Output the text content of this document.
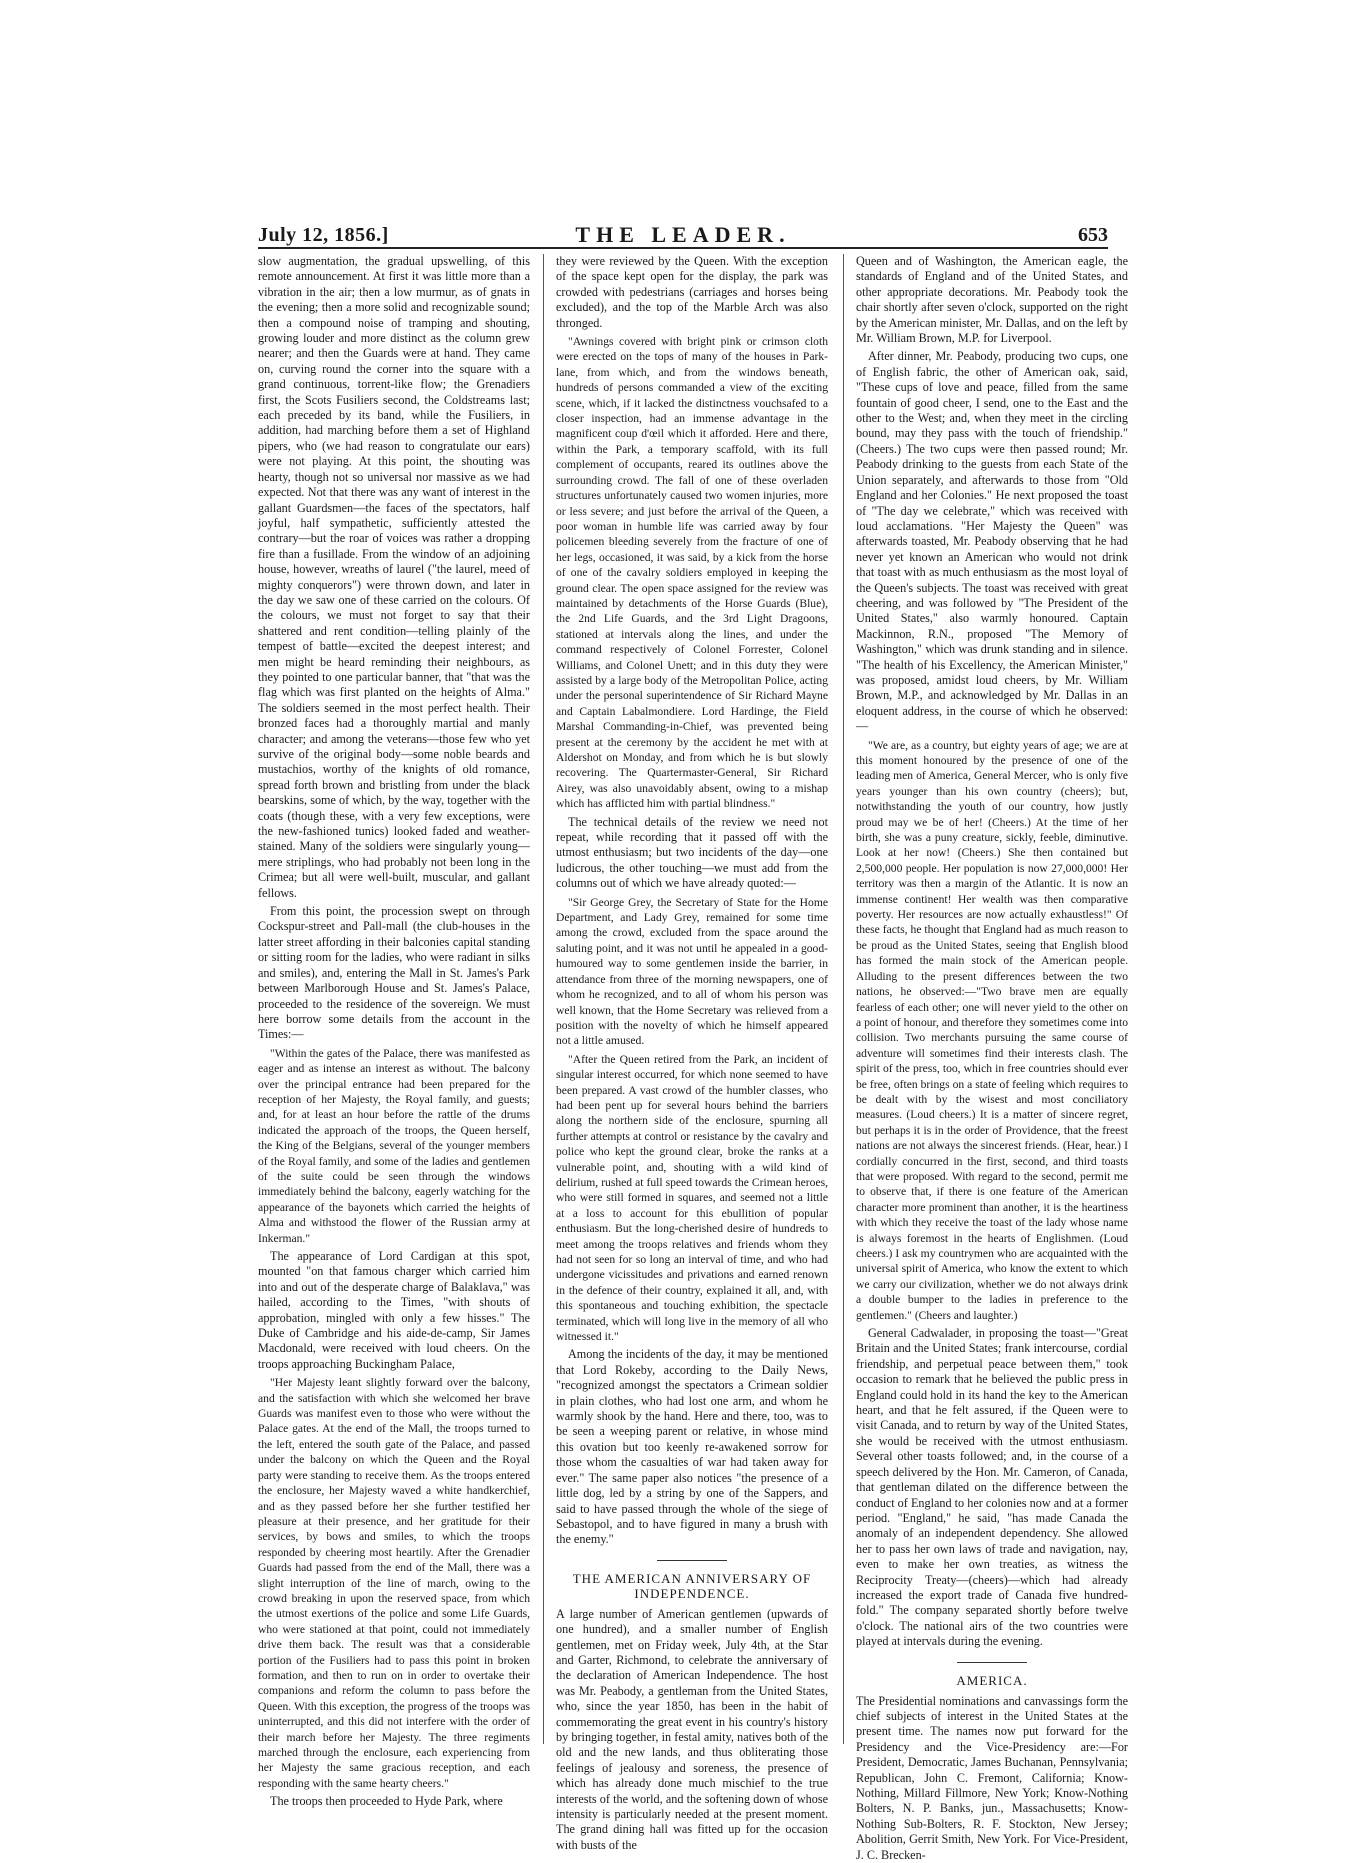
July 12, 1856.]	THE LEADER.	653

slow augmentation, the gradual upswelling, of this remote announcement. At first it was little more than a vibration in the air; then a low murmur, as of gnats in the evening; then a more solid and recognizable sound; then a compound noise of tramping and shouting, growing louder and more distinct as the column grew nearer; and then the Guards were at hand. They came on, curving round the corner into the square with a grand continuous, torrent-like flow; the Grenadiers first, the Scots Fusiliers second, the Coldstreams last; each preceded by its band, while the Fusiliers, in addition, had marching before them a set of Highland pipers, who (we had reason to congratulate our ears) were not playing. At this point, the shouting was hearty, though not so universal nor massive as we had expected. Not that there was any want of interest in the gallant Guardsmen—the faces of the spectators, half joyful, half sympathetic, sufficiently attested the contrary—but the roar of voices was rather a dropping fire than a fusillade. From the window of an adjoining house, however, wreaths of laurel ("the laurel, meed of mighty conquerors") were thrown down, and later in the day we saw one of these carried on the colours. Of the colours, we must not forget to say that their shattered and rent condition—telling plainly of the tempest of battle—excited the deepest interest; and men might be heard reminding their neighbours, as they pointed to one particular banner, that "that was the flag which was first planted on the heights of Alma." The soldiers seemed in the most perfect health. Their bronzed faces had a thoroughly martial and manly character; and among the veterans—those few who yet survive of the original body—some noble beards and mustachios, worthy of the knights of old romance, spread forth brown and bristling from under the black bearskins, some of which, by the way, together with the coats (though these, with a very few exceptions, were the new-fashioned tunics) looked faded and weather-stained. Many of the soldiers were singularly young—mere striplings, who had probably not been long in the Crimea; but all were well-built, muscular, and gallant fellows.

From this point, the procession swept on through Cockspur-street and Pall-mall (the club-houses in the latter street affording in their balconies capital standing or sitting room for the ladies, who were radiant in silks and smiles), and, entering the Mall in St. James's Park between Marlborough House and St. James's Palace, proceeded to the residence of the sovereign. We must here borrow some details from the account in the Times:—

"Within the gates of the Palace, there was manifested as eager and as intense an interest as without. The balcony over the principal entrance had been prepared for the reception of her Majesty, the Royal family, and guests; and, for at least an hour before the rattle of the drums indicated the approach of the troops, the Queen herself, the King of the Belgians, several of the younger members of the Royal family, and some of the ladies and gentlemen of the suite could be seen through the windows immediately behind the balcony, eagerly watching for the appearance of the bayonets which carried the heights of Alma and withstood the flower of the Russian army at Inkerman."

The appearance of Lord Cardigan at this spot, mounted "on that famous charger which carried him into and out of the desperate charge of Balaklava," was hailed, according to the Times, "with shouts of approbation, mingled with only a few hisses." The Duke of Cambridge and his aide-de-camp, Sir James Macdonald, were received with loud cheers. On the troops approaching Buckingham Palace,

"Her Majesty leant slightly forward over the balcony, and the satisfaction with which she welcomed her brave Guards was manifest even to those who were without the Palace gates. At the end of the Mall, the troops turned to the left, entered the south gate of the Palace, and passed under the balcony on which the Queen and the Royal party were standing to receive them. As the troops entered the enclosure, her Majesty waved a white handkerchief, and as they passed before her she further testified her pleasure at their presence, and her gratitude for their services, by bows and smiles, to which the troops responded by cheering most heartily. After the Grenadier Guards had passed from the end of the Mall, there was a slight interruption of the line of march, owing to the crowd breaking in upon the reserved space, from which the utmost exertions of the police and some Life Guards, who were stationed at that point, could not immediately drive them back. The result was that a considerable portion of the Fusiliers had to pass this point in broken formation, and then to run on in order to overtake their companions and reform the column to pass before the Queen. With this exception, the progress of the troops was uninterrupted, and this did not interfere with the order of their march before her Majesty. The three regiments marched through the enclosure, each experiencing from her Majesty the same gracious reception, and each responding with the same hearty cheers."

The troops then proceeded to Hyde Park, where

they were reviewed by the Queen. With the exception of the space kept open for the display, the park was crowded with pedestrians (carriages and horses being excluded), and the top of the Marble Arch was also thronged.

"Awnings covered with bright pink or crimson cloth were erected on the tops of many of the houses in Park-lane, from which, and from the windows beneath, hundreds of persons commanded a view of the exciting scene, which, if it lacked the distinctness vouchsafed to a closer inspection, had an immense advantage in the magnificent coup d'œil which it afforded. Here and there, within the Park, a temporary scaffold, with its full complement of occupants, reared its outlines above the surrounding crowd. The fall of one of these overladen structures unfortunately caused two women injuries, more or less severe; and just before the arrival of the Queen, a poor woman in humble life was carried away by four policemen bleeding severely from the fracture of one of her legs, occasioned, it was said, by a kick from the horse of one of the cavalry soldiers employed in keeping the ground clear. The open space assigned for the review was maintained by detachments of the Horse Guards (Blue), the 2nd Life Guards, and the 3rd Light Dragoons, stationed at intervals along the lines, and under the command respectively of Colonel Forrester, Colonel Williams, and Colonel Unett; and in this duty they were assisted by a large body of the Metropolitan Police, acting under the personal superintendence of Sir Richard Mayne and Captain Labalmondiere. Lord Hardinge, the Field Marshal Commanding-in-Chief, was prevented being present at the ceremony by the accident he met with at Aldershot on Monday, and from which he is but slowly recovering. The Quartermaster-General, Sir Richard Airey, was also unavoidably absent, owing to a mishap which has afflicted him with partial blindness."

The technical details of the review we need not repeat, while recording that it passed off with the utmost enthusiasm; but two incidents of the day—one ludicrous, the other touching—we must add from the columns out of which we have already quoted:—

"Sir George Grey, the Secretary of State for the Home Department, and Lady Grey, remained for some time among the crowd, excluded from the space around the saluting point, and it was not until he appealed in a good-humoured way to some gentlemen inside the barrier, in attendance from three of the morning newspapers, one of whom he recognized, and to all of whom his person was well known, that the Home Secretary was relieved from a position with the novelty of which he himself appeared not a little amused.

"After the Queen retired from the Park, an incident of singular interest occurred, for which none seemed to have been prepared. A vast crowd of the humbler classes, who had been pent up for several hours behind the barriers along the northern side of the enclosure, spurning all further attempts at control or resistance by the cavalry and police who kept the ground clear, broke the ranks at a vulnerable point, and, shouting with a wild kind of delirium, rushed at full speed towards the Crimean heroes, who were still formed in squares, and seemed not a little at a loss to account for this ebullition of popular enthusiasm. But the long-cherished desire of hundreds to meet among the troops relatives and friends whom they had not seen for so long an interval of time, and who had undergone vicissitudes and privations and earned renown in the defence of their country, explained it all, and, with this spontaneous and touching exhibition, the spectacle terminated, which will long live in the memory of all who witnessed it."

Among the incidents of the day, it may be mentioned that Lord Rokeby, according to the Daily News, "recognized amongst the spectators a Crimean soldier in plain clothes, who had lost one arm, and whom he warmly shook by the hand. Here and there, too, was to be seen a weeping parent or relative, in whose mind this ovation but too keenly re-awakened sorrow for those whom the casualties of war had taken away for ever." The same paper also notices "the presence of a little dog, led by a string by one of the Sappers, and said to have passed through the whole of the siege of Sebastopol, and to have figured in many a brush with the enemy."

THE AMERICAN ANNIVERSARY OF INDEPENDENCE.

A large number of American gentlemen (upwards of one hundred), and a smaller number of English gentlemen, met on Friday week, July 4th, at the Star and Garter, Richmond, to celebrate the anniversary of the declaration of American Independence. The host was Mr. Peabody, a gentleman from the United States, who, since the year 1850, has been in the habit of commemorating the great event in his country's history by bringing together, in festal amity, natives both of the old and the new lands, and thus obliterating those feelings of jealousy and soreness, the presence of which has already done much mischief to the true interests of the world, and the softening down of whose intensity is particularly needed at the present moment. The grand dining hall was fitted up for the occasion with busts of the

Queen and of Washington, the American eagle, the standards of England and of the United States, and other appropriate decorations. Mr. Peabody took the chair shortly after seven o'clock, supported on the right by the American minister, Mr. Dallas, and on the left by Mr. William Brown, M.P. for Liverpool.

After dinner, Mr. Peabody, producing two cups, one of English fabric, the other of American oak, said, "These cups of love and peace, filled from the same fountain of good cheer, I send, one to the East and the other to the West; and, when they meet in the circling bound, may they pass with the touch of friendship." (Cheers.) The two cups were then passed round; Mr. Peabody drinking to the guests from each State of the Union separately, and afterwards to those from "Old England and her Colonies." He next proposed the toast of "The day we celebrate," which was received with loud acclamations. "Her Majesty the Queen" was afterwards toasted, Mr. Peabody observing that he had never yet known an American who would not drink that toast with as much enthusiasm as the most loyal of the Queen's subjects. The toast was received with great cheering, and was followed by "The President of the United States," also warmly honoured. Captain Mackinnon, R.N., proposed "The Memory of Washington," which was drunk standing and in silence. "The health of his Excellency, the American Minister," was proposed, amidst loud cheers, by Mr. William Brown, M.P., and acknowledged by Mr. Dallas in an eloquent address, in the course of which he observed:—

"We are, as a country, but eighty years of age; we are at this moment honoured by the presence of one of the leading men of America, General Mercer, who is only five years younger than his own country (cheers); but, notwithstanding the youth of our country, how justly proud may we be of her! (Cheers.) At the time of her birth, she was a puny creature, sickly, feeble, diminutive. Look at her now! (Cheers.) She then contained but 2,500,000 people. Her population is now 27,000,000! Her territory was then a margin of the Atlantic. It is now an immense continent! Her wealth was then comparative poverty. Her resources are now actually exhaustless!" Of these facts, he thought that England had as much reason to be proud as the United States, seeing that English blood has formed the main stock of the American people. Alluding to the present differences between the two nations, he observed:—"Two brave men are equally fearless of each other; one will never yield to the other on a point of honour, and therefore they sometimes come into collision. Two merchants pursuing the same course of adventure will sometimes find their interests clash. The spirit of the press, too, which in free countries should ever be free, often brings on a state of feeling which requires to be dealt with by the wisest and most conciliatory measures. (Loud cheers.) It is a matter of sincere regret, but perhaps it is in the order of Providence, that the freest nations are not always the sincerest friends. (Hear, hear.) I cordially concurred in the first, second, and third toasts that were proposed. With regard to the second, permit me to observe that, if there is one feature of the American character more prominent than another, it is the heartiness with which they receive the toast of the lady whose name is always foremost in the hearts of Englishmen. (Loud cheers.) I ask my countrymen who are acquainted with the universal spirit of America, who know the extent to which we carry our civilization, whether we do not always drink a double bumper to the ladies in preference to the gentlemen." (Cheers and laughter.)

General Cadwalader, in proposing the toast—"Great Britain and the United States; frank intercourse, cordial friendship, and perpetual peace between them," took occasion to remark that he believed the public press in England could hold in its hand the key to the American heart, and that he felt assured, if the Queen were to visit Canada, and to return by way of the United States, she would be received with the utmost enthusiasm. Several other toasts followed; and, in the course of a speech delivered by the Hon. Mr. Cameron, of Canada, that gentleman dilated on the difference between the conduct of England to her colonies now and at a former period. "England," he said, "has made Canada the anomaly of an independent dependency. She allowed her to pass her own laws of trade and navigation, nay, even to make her own treaties, as witness the Reciprocity Treaty—(cheers)—which had already increased the export trade of Canada five hundred-fold." The company separated shortly before twelve o'clock. The national airs of the two countries were played at intervals during the evening.

AMERICA.

The Presidential nominations and canvassings form the chief subjects of interest in the United States at the present time. The names now put forward for the Presidency and the Vice-Presidency are:—For President, Democratic, James Buchanan, Pennsylvania; Republican, John C. Fremont, California; Know-Nothing, Millard Fillmore, New York; Know-Nothing Bolters, N. P. Banks, jun., Massachusetts; Know-Nothing Sub-Bolters, R. F. Stockton, New Jersey; Abolition, Gerrit Smith, New York. For Vice-President, J. C. Brecken-
